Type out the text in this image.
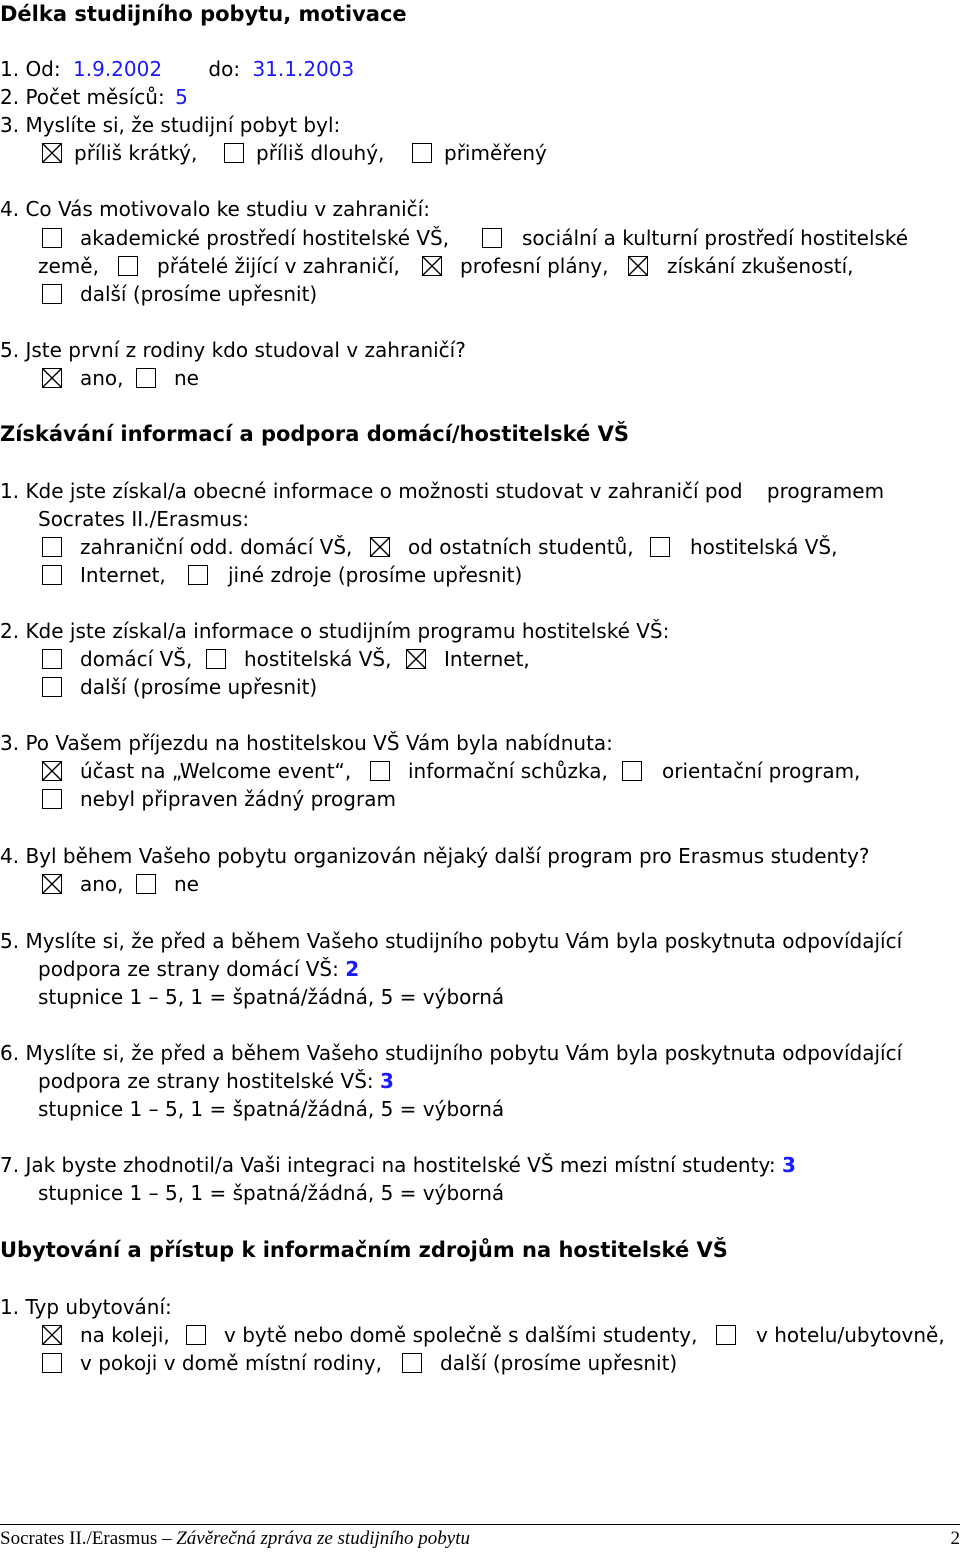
Délka studijního pobytu, motivace
1. Od: 1.9.2002 do: 31.1.2003
2. Počet měsíců: 5
3. Myslíte si, že studijní pobyt byl:
příliš krátký,	příliš dlouhý,	přiměřený
4. Co Vás motivovalo ke studiu v zahraničí:
akademické prostředí hostitelské VŠ,	sociální a kulturní prostředí hostitelské
země,	přátelé žijící v zahraničí,	profesní plány,	získání zkušeností,
další (prosíme upřesnit)
5. Jste první z rodiny kdo studoval v zahraničí?
ano,	ne
Získávání informací a podpora domácí/hostitelské VŠ
1. Kde jste získal/a obecné informace o možnosti studovat v zahraničí pod programem
Socrates II./Erasmus:
zahraniční odd. domácí VŠ,	od ostatních studentů,	hostitelská VŠ,
Internet,	jiné zdroje (prosíme upřesnit)
2. Kde jste získal/a informace o studijním programu hostitelské VŠ:
domácí VŠ,	hostitelská VŠ,	Internet,
další (prosíme upřesnit)
3. Po Vašem příjezdu na hostitelskou VŠ Vám byla nabídnuta:
účast na „Welcome event“,	informační schůzka,	orientační program,
nebyl připraven žádný program
4. Byl během Vašeho pobytu organizován nějaký další program pro Erasmus studenty?
ano,	ne
5. Myslíte si, že před a během Vašeho studijního pobytu Vám byla poskytnuta odpovídající
podpora ze strany domácí VŠ: 2
stupnice 1 – 5, 1 = špatná/žádná, 5 = výborná
6. Myslíte si, že před a během Vašeho studijního pobytu Vám byla poskytnuta odpovídající
podpora ze strany hostitelské VŠ: 3
stupnice 1 – 5, 1 = špatná/žádná, 5 = výborná
7. Jak byste zhodnotil/a Vaši integraci na hostitelské VŠ mezi místní studenty: 3
stupnice 1 – 5, 1 = špatná/žádná, 5 = výborná
Ubytování a přístup k informačním zdrojům na hostitelské VŠ
1. Typ ubytování:
na koleji,	v bytě nebo domě společně s dalšími studenty,	v hotelu/ubytovně,
v pokoji v domě místní rodiny,	další (prosíme upřesnit)
Socrates II./Erasmus – Závěrečná zpráva ze studijního pobytu	2
